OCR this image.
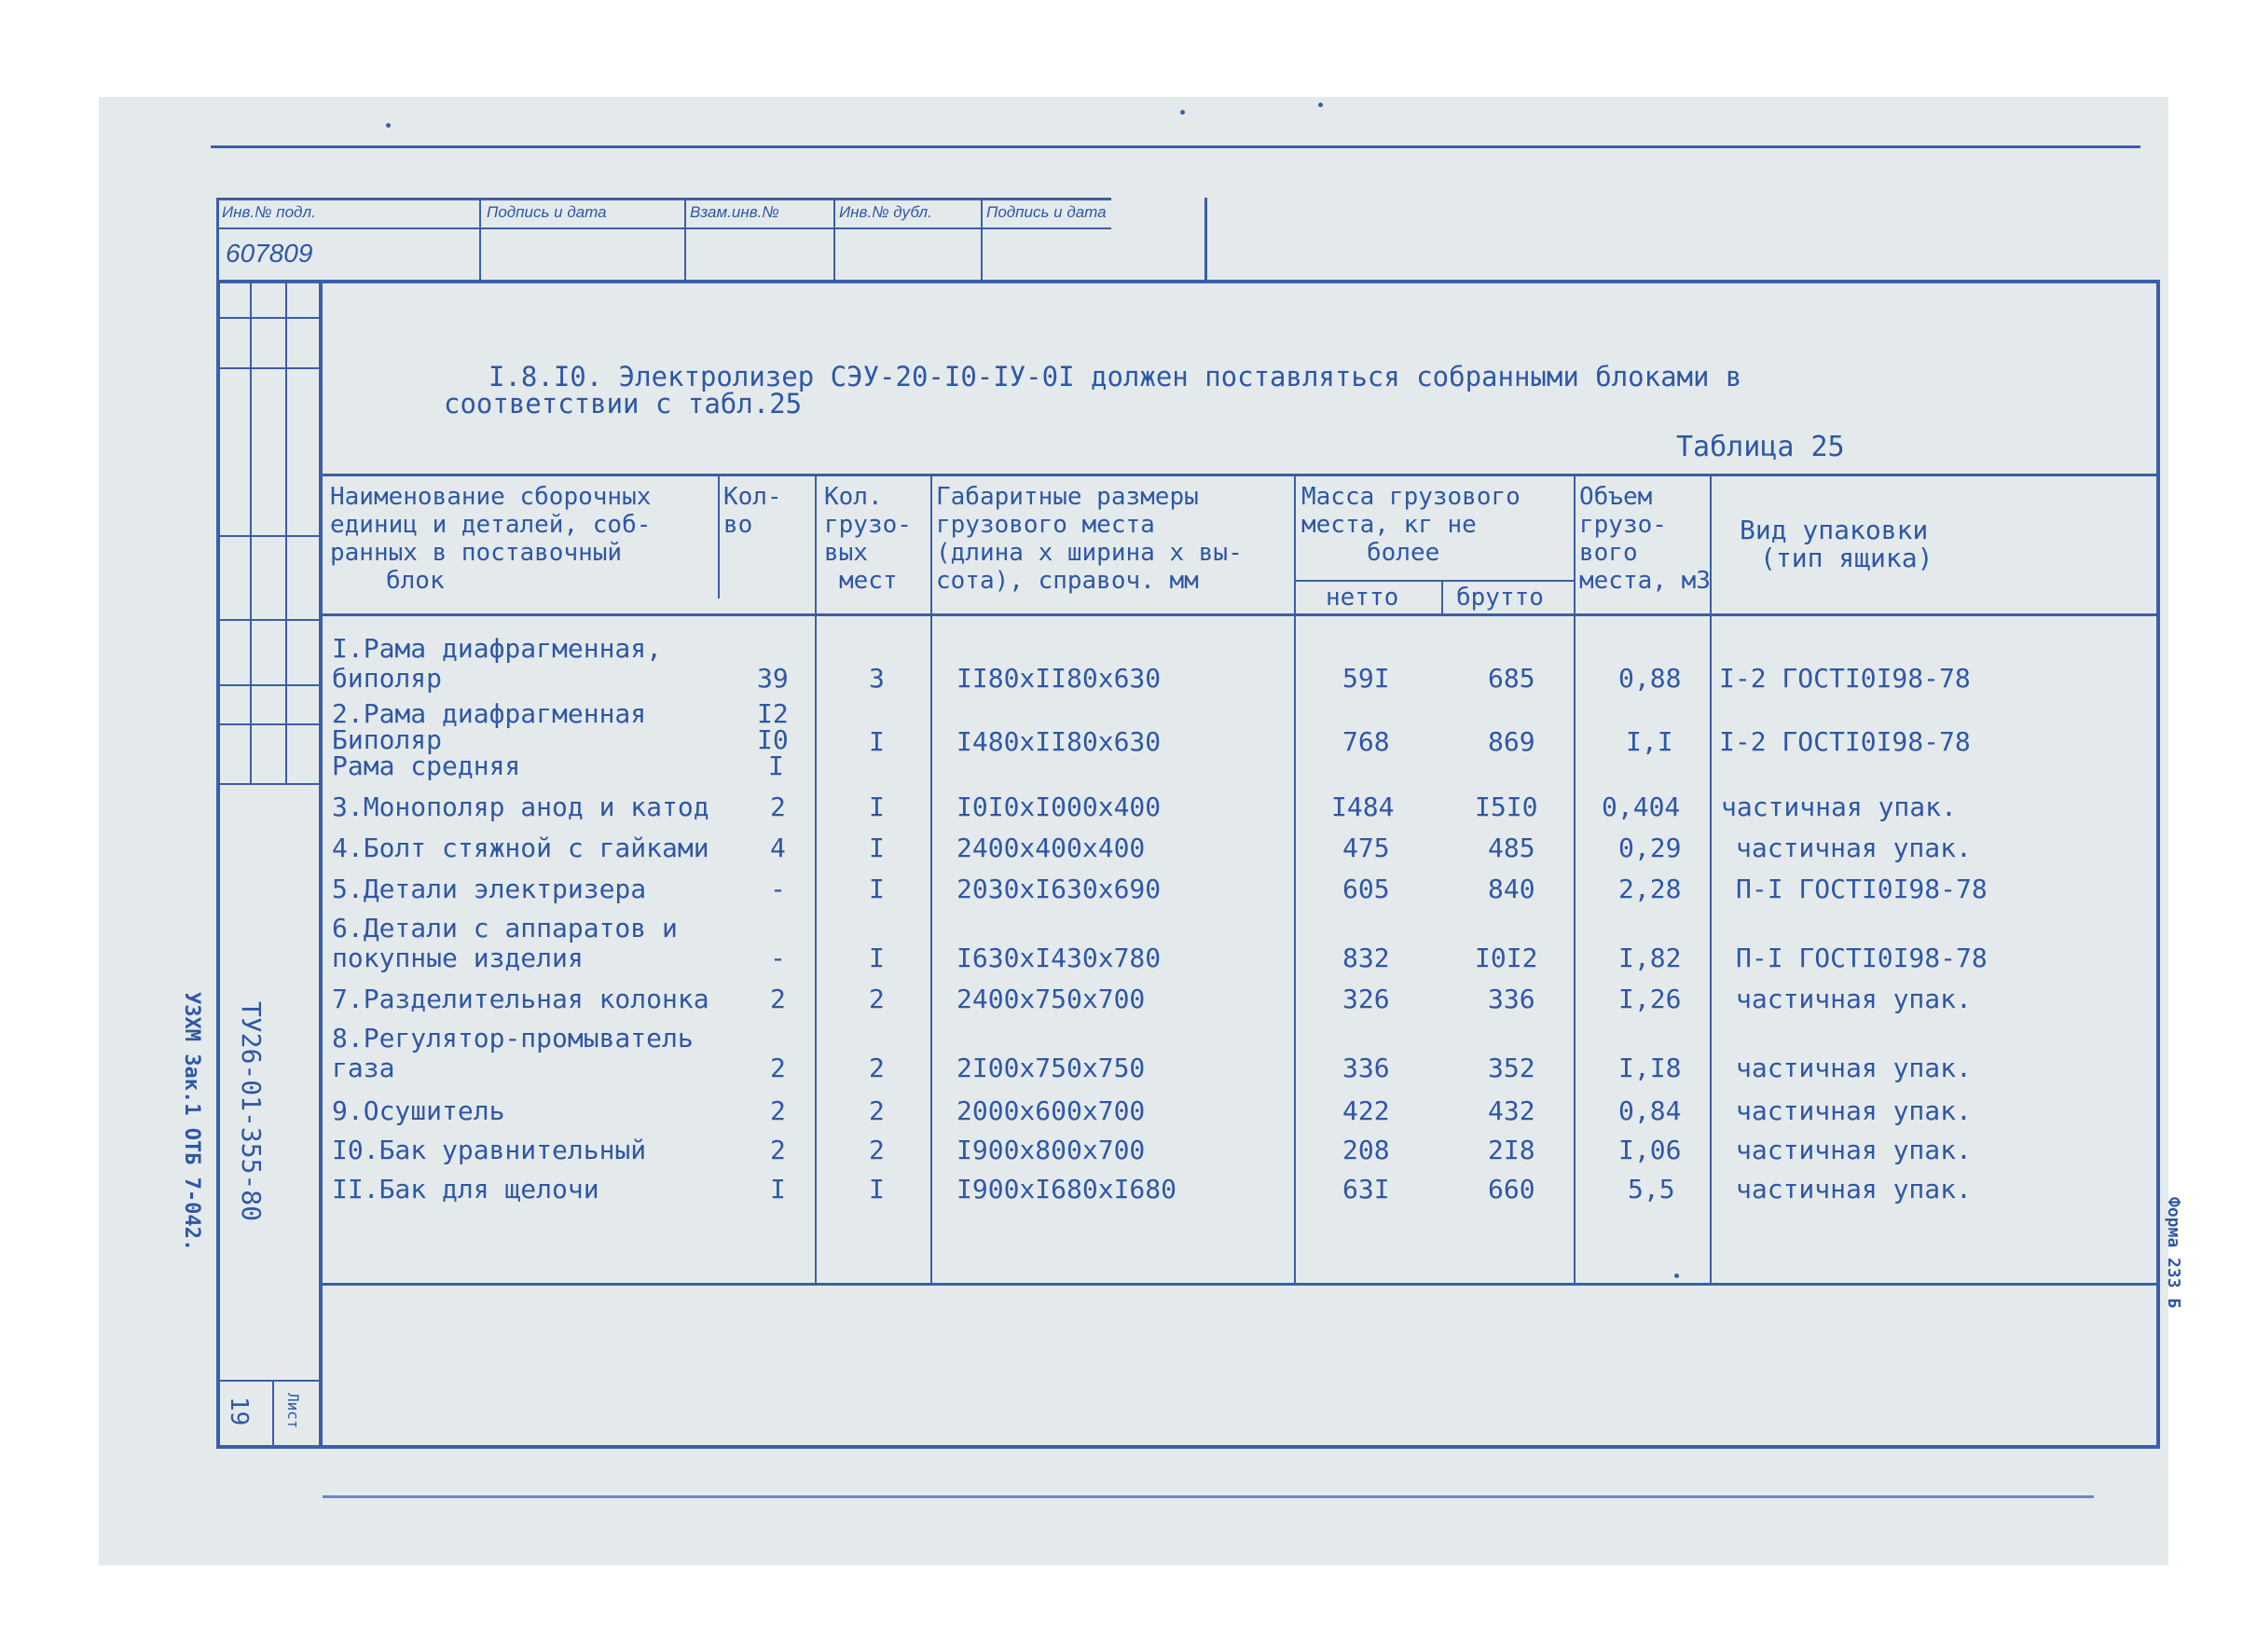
Инв.№ подл.	Подпись и дата	Взам.инв.№	Инв.№ дубл.	Подпись и дата
607809
ТУ26-01-355-80
УЗХМ Зак.1 ОТБ 7-042.
19 Лист
Форма 233 Б
I.8.I0. Электролизер СЭУ-20-I0-IУ-0I должен поставляться собранными блоками в
соответствии с табл.25
Таблица 25
Наименование сборочных
единиц и деталей, соб-
ранных в поставочный
блок
Кол-
во
Кол.
грузо-
вых
мест
Габаритные размеры
грузового места
(длина х ширина х вы-
сота), справоч. мм
Масса грузового
места, кг не
более
нетто брутто
Объем
грузо-
вого
места, м3
Вид упаковки
(тип ящика)
I.Рама диафрагменная,
биполяр	39	3	II80xII80x630	59I	685	0,88 I-2 ГОСТI0I98-78
2.Рама диафрагменная
Биполяр
Рама средняя
I2
I0
I
I	I480xII80x630	768	869	I,I I-2 ГОСТI0I98-78
3.Монополяр анод и катод 2	I	I0I0xI000x400	I484	I5I0 0,404 частичная упак.
4.Болт стяжной с гайками 4	I	2400x400x400	475	485	0,29 частичная упак.
5.Детали электризера	-	I	2030xI630x690	605	840	2,28 П-I ГОСТI0I98-78
6.Детали с аппаратов и
покупные изделия	-	I	I630xI430x780	832	I0I2	I,82 П-I ГОСТI0I98-78
7.Разделительная колонка 2	2	2400x750x700	326	336	I,26 частичная упак.
8.Регулятор-промыватель
газа	2	2	2I00x750x750	336	352	I,I8 частичная упак.
9.Осушитель	2	2	2000x600x700	422	432	0,84 частичная упак.
I0.Бак уравнительный	2	2	I900x800x700	208	2I8	I,06 частичная упак.
II.Бак для щелочи	I	I	I900xI680xI680	63I	660	5,5 частичная упак.
